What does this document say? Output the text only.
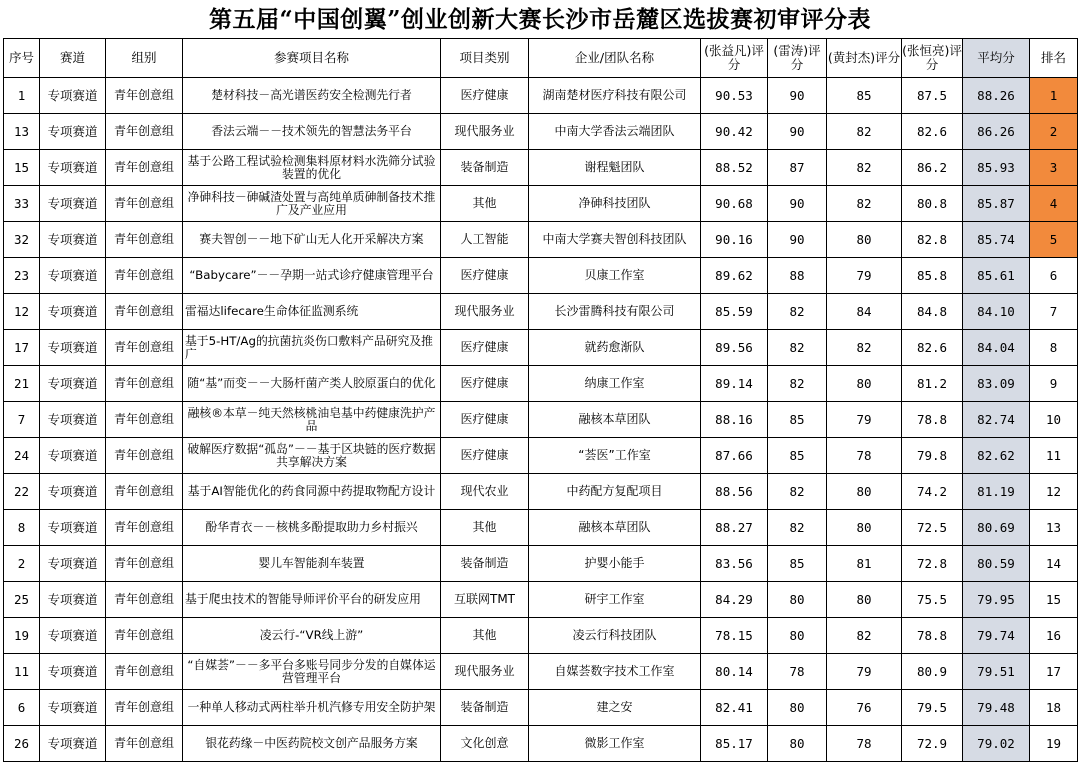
第五届“中国创翼”创业创新大赛长沙市岳麓区选拔赛初审评分表
序号	赛道	组别	参赛项目名称	项目类别	企业/团队名称	(张益凡)评分	(雷涛)评分	(黄封杰)评分	(张恒亮)评分	平均分	排名
1	专项赛道	青年创意组	楚材科技－高光谱医药安全检测先行者	医疗健康	湖南楚材医疗科技有限公司	90.53	90	85	87.5	88.26	1
13	专项赛道	青年创意组	香法云端－－技术领先的智慧法务平台	现代服务业	中南大学香法云端团队	90.42	90	82	82.6	86.26	2
15	专项赛道	青年创意组	基于公路工程试验检测集料原材料水洗筛分试验装置的优化	装备制造	谢程魁团队	88.52	87	82	86.2	85.93	3
33	专项赛道	青年创意组	净砷科技－砷碱渣处置与高纯单质砷制备技术推广及产业应用	其他	净砷科技团队	90.68	90	82	80.8	85.87	4
32	专项赛道	青年创意组	赛夫智创－－地下矿山无人化开采解决方案	人工智能	中南大学赛夫智创科技团队	90.16	90	80	82.8	85.74	5
23	专项赛道	青年创意组	“Babycare”－－孕期一站式诊疗健康管理平台	医疗健康	贝康工作室	89.62	88	79	85.8	85.61	6
12	专项赛道	青年创意组	雷福达lifecare生命体征监测系统	现代服务业	长沙雷腾科技有限公司	85.59	82	84	84.8	84.10	7
17	专项赛道	青年创意组	基于5-HT/Ag的抗菌抗炎伤口敷料产品研究及推广	医疗健康	就药愈渐队	89.56	82	82	82.6	84.04	8
21	专项赛道	青年创意组	随“基”而变－－大肠杆菌产类人胶原蛋白的优化	医疗健康	纳康工作室	89.14	82	80	81.2	83.09	9
7	专项赛道	青年创意组	融核®本草－纯天然核桃油皂基中药健康洗护产品	医疗健康	融核本草团队	88.16	85	79	78.8	82.74	10
24	专项赛道	青年创意组	破解医疗数据“孤岛”－－基于区块链的医疗数据共享解决方案	医疗健康	“荟医”工作室	87.66	85	78	79.8	82.62	11
22	专项赛道	青年创意组	基于AI智能优化的药食同源中药提取物配方设计	现代农业	中药配方复配项目	88.56	82	80	74.2	81.19	12
8	专项赛道	青年创意组	酚华青衣－－核桃多酚提取助力乡村振兴	其他	融核本草团队	88.27	82	80	72.5	80.69	13
2	专项赛道	青年创意组	婴儿车智能刹车装置	装备制造	护婴小能手	83.56	85	81	72.8	80.59	14
25	专项赛道	青年创意组	基于爬虫技术的智能导师评价平台的研发应用	互联网TMT	研宇工作室	84.29	80	80	75.5	79.95	15
19	专项赛道	青年创意组	凌云行-“VR线上游”	其他	凌云行科技团队	78.15	80	82	78.8	79.74	16
11	专项赛道	青年创意组	“自媒荟”－－多平台多账号同步分发的自媒体运营管理平台	现代服务业	自媒荟数字技术工作室	80.14	78	79	80.9	79.51	17
6	专项赛道	青年创意组	一种单人移动式两柱举升机汽修专用安全防护架	装备制造	建之安	82.41	80	76	79.5	79.48	18
26	专项赛道	青年创意组	银花药缘－中医药院校文创产品服务方案	文化创意	微影工作室	85.17	80	78	72.9	79.02	19
